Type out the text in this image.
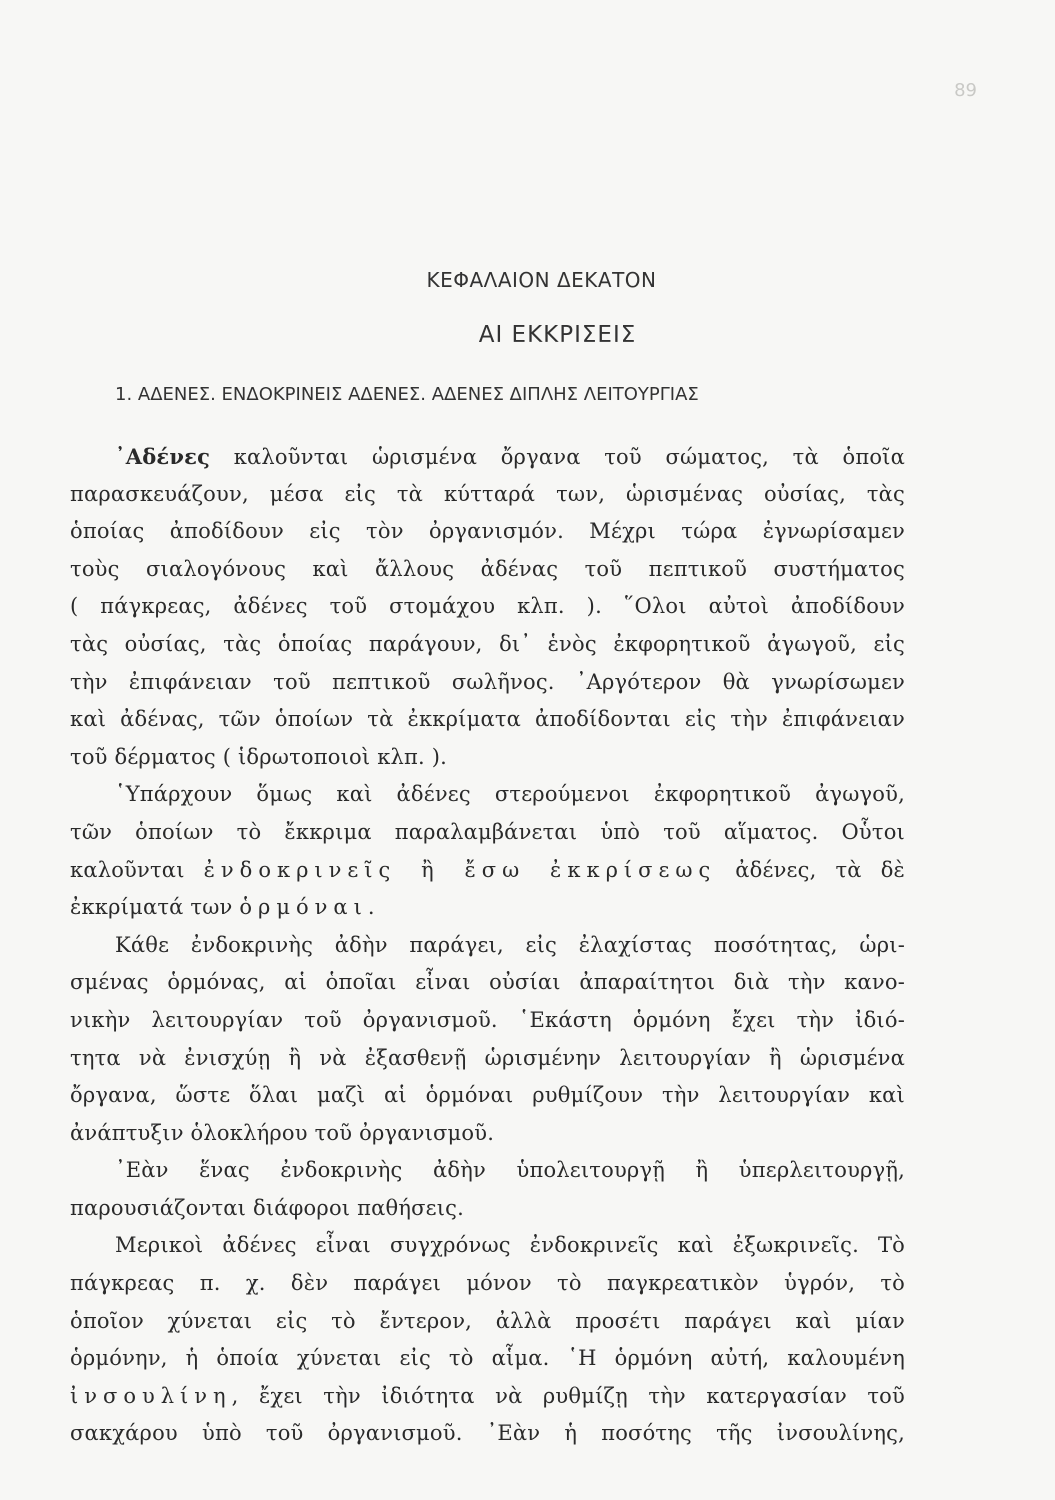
89
ΚΕΦΑΛΑΙΟΝ ΔΕΚΑΤΟΝ
ΑΙ ΕΚΚΡΙΣΕΙΣ
1. ΑΔΕΝΕΣ. ΕΝΔΟΚΡΙΝΕΙΣ ΑΔΕΝΕΣ. ΑΔΕΝΕΣ ΔΙΠΛΗΣ ΛΕΙΤΟΥΡΓΙΑΣ
᾿Αδένες καλοῦνται ὡρισμένα ὄργανα τοῦ σώματος, τὰ ὁποῖα
παρασκευάζουν, μέσα εἰς τὰ κύτταρά των, ὡρισμένας οὐσίας, τὰς
ὁποίας ἀποδίδουν εἰς τὸν ὀργανισμόν. Μέχρι τώρα ἐγνωρίσαμεν
τοὺς σιαλογόνους καὶ ἄλλους ἀδένας τοῦ πεπτικοῦ συστήματος
( πάγκρεας, ἀδένες τοῦ στομάχου κλπ. ). ῞Ολοι αὐτοὶ ἀποδίδουν
τὰς οὐσίας, τὰς ὁποίας παράγουν, δι᾿ ἑνὸς ἐκφορητικοῦ ἀγωγοῦ, εἰς
τὴν ἐπιφάνειαν τοῦ πεπτικοῦ σωλῆνος. ᾿Αργότερον θὰ γνωρίσωμεν
καὶ ἀδένας, τῶν ὁποίων τὰ ἐκκρίματα ἀποδίδονται εἰς τὴν ἐπιφάνειαν
τοῦ δέρματος ( ἱδρωτοποιοὶ κλπ. ).
῾Υπάρχουν ὅμως καὶ ἀδένες στερούμενοι ἐκφορητικοῦ ἀγωγοῦ,
τῶν ὁποίων τὸ ἔκκριμα παραλαμβάνεται ὑπὸ τοῦ αἵματος. Οὗτοι
καλοῦνται ἐνδοκρινεῖς ἢ ἔσω ἐκκρίσεως ἀδένες, τὰ δὲ
ἐκκρίματά των ὁρμόναι.
Κάθε ἐνδοκρινὴς ἀδὴν παράγει, εἰς ἐλαχίστας ποσότητας, ὡρι-
σμένας ὁρμόνας, αἱ ὁποῖαι εἶναι οὐσίαι ἀπαραίτητοι διὰ τὴν κανο-
νικὴν λειτουργίαν τοῦ ὀργανισμοῦ. ῾Εκάστη ὁρμόνη ἔχει τὴν ἰδιό-
τητα νὰ ἐνισχύῃ ἢ νὰ ἐξασθενῇ ὡρισμένην λειτουργίαν ἢ ὡρισμένα
ὄργανα, ὥστε ὅλαι μαζὶ αἱ ὁρμόναι ρυθμίζουν τὴν λειτουργίαν καὶ
ἀνάπτυξιν ὁλοκλήρου τοῦ ὀργανισμοῦ.
᾿Εὰν ἕνας ἐνδοκρινὴς ἀδὴν ὑπολειτουργῇ ἢ ὑπερλειτουργῇ,
παρουσιάζονται διάφοροι παθήσεις.
Μερικοὶ ἀδένες εἶναι συγχρόνως ἐνδοκρινεῖς καὶ ἐξωκρινεῖς. Τὸ
πάγκρεας π. χ. δὲν παράγει μόνον τὸ παγκρεατικὸν ὑγρόν, τὸ
ὁποῖον χύνεται εἰς τὸ ἔντερον, ἀλλὰ προσέτι παράγει καὶ μίαν
ὁρμόνην, ἡ ὁποία χύνεται εἰς τὸ αἷμα. ῾Η ὁρμόνη αὐτή, καλουμένη
ἰνσουλίνη, ἔχει τὴν ἰδιότητα νὰ ρυθμίζῃ τὴν κατεργασίαν τοῦ
σακχάρου ὑπὸ τοῦ ὀργανισμοῦ. ᾿Εὰν ἡ ποσότης τῆς ἰνσουλίνης,
